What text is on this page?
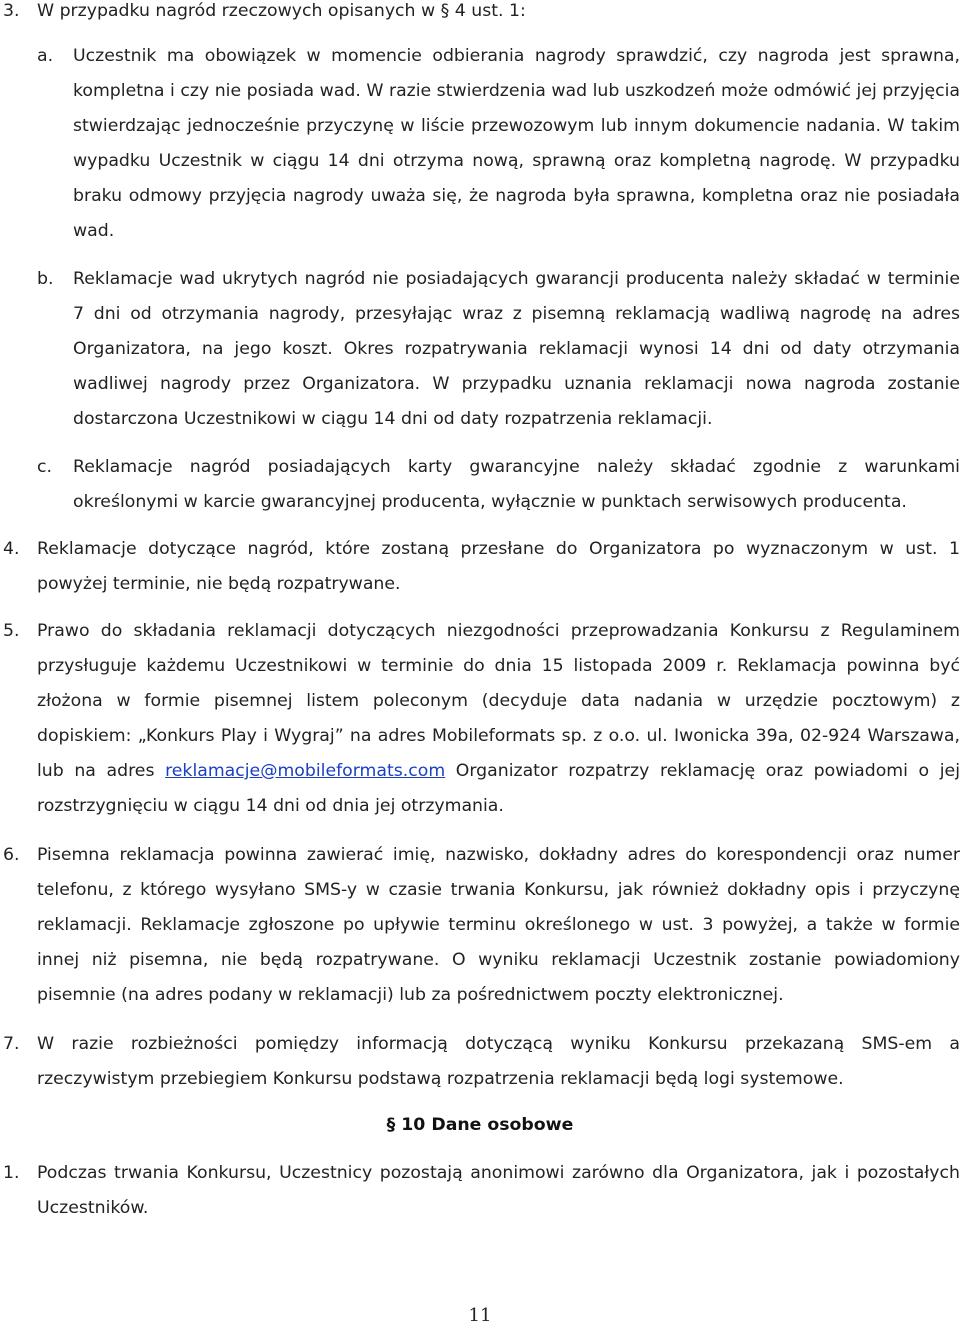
3.	W przypadku nagród rzeczowych opisanych w § 4 ust. 1:
a.	Uczestnik ma obowiązek w momencie odbierania nagrody sprawdzić, czy nagroda jest sprawna, kompletna i czy nie posiada wad. W razie stwierdzenia wad lub uszkodzeń może odmówić jej przyjęcia stwierdzając jednocześnie przyczynę w liście przewozowym lub innym dokumencie nadania. W takim wypadku Uczestnik w ciągu 14 dni otrzyma nową, sprawną oraz kompletną nagrodę. W przypadku braku odmowy przyjęcia nagrody uważa się, że nagroda była sprawna, kompletna oraz nie posiadała wad.
b.	Reklamacje wad ukrytych nagród nie posiadających gwarancji producenta należy składać w terminie 7 dni od otrzymania nagrody, przesyłając wraz z pisemną reklamacją wadliwą nagrodę na adres Organizatora, na jego koszt. Okres rozpatrywania reklamacji wynosi 14 dni od daty otrzymania wadliwej nagrody przez Organizatora. W przypadku uznania reklamacji nowa nagroda zostanie dostarczona Uczestnikowi w ciągu 14 dni od daty rozpatrzenia reklamacji.
c.	Reklamacje nagród posiadających karty gwarancyjne należy składać zgodnie z warunkami określonymi w karcie gwarancyjnej producenta, wyłącznie w punktach serwisowych producenta.
4.	Reklamacje dotyczące nagród, które zostaną przesłane do Organizatora po wyznaczonym w ust. 1 powyżej terminie, nie będą rozpatrywane.
5.	Prawo do składania reklamacji dotyczących niezgodności przeprowadzania Konkursu z Regulaminem przysługuje każdemu Uczestnikowi w terminie do dnia 15 listopada 2009 r. Reklamacja powinna być złożona w formie pisemnej listem poleconym (decyduje data nadania w urzędzie pocztowym) z dopiskiem: „Konkurs Play i Wygraj” na adres Mobileformats sp. z o.o. ul. Iwonicka 39a, 02-924 Warszawa, lub na adres reklamacje@mobileformats.com Organizator rozpatrzy reklamację oraz powiadomi o jej rozstrzygnięciu w ciągu 14 dni od dnia jej otrzymania.
6.	Pisemna reklamacja powinna zawierać imię, nazwisko, dokładny adres do korespondencji oraz numer telefonu, z którego wysyłano SMS-y w czasie trwania Konkursu, jak również dokładny opis i przyczynę reklamacji. Reklamacje zgłoszone po upływie terminu określonego w ust. 3 powyżej, a także w formie innej niż pisemna, nie będą rozpatrywane. O wyniku reklamacji Uczestnik zostanie powiadomiony pisemnie (na adres podany w reklamacji) lub za pośrednictwem poczty elektronicznej.
7.	W razie rozbieżności pomiędzy informacją dotyczącą wyniku Konkursu przekazaną SMS-em a rzeczywistym przebiegiem Konkursu podstawą rozpatrzenia reklamacji będą logi systemowe.
§ 10 Dane osobowe
1.	Podczas trwania Konkursu, Uczestnicy pozostają anonimowi zarówno dla Organizatora, jak i pozostałych Uczestników.
11
